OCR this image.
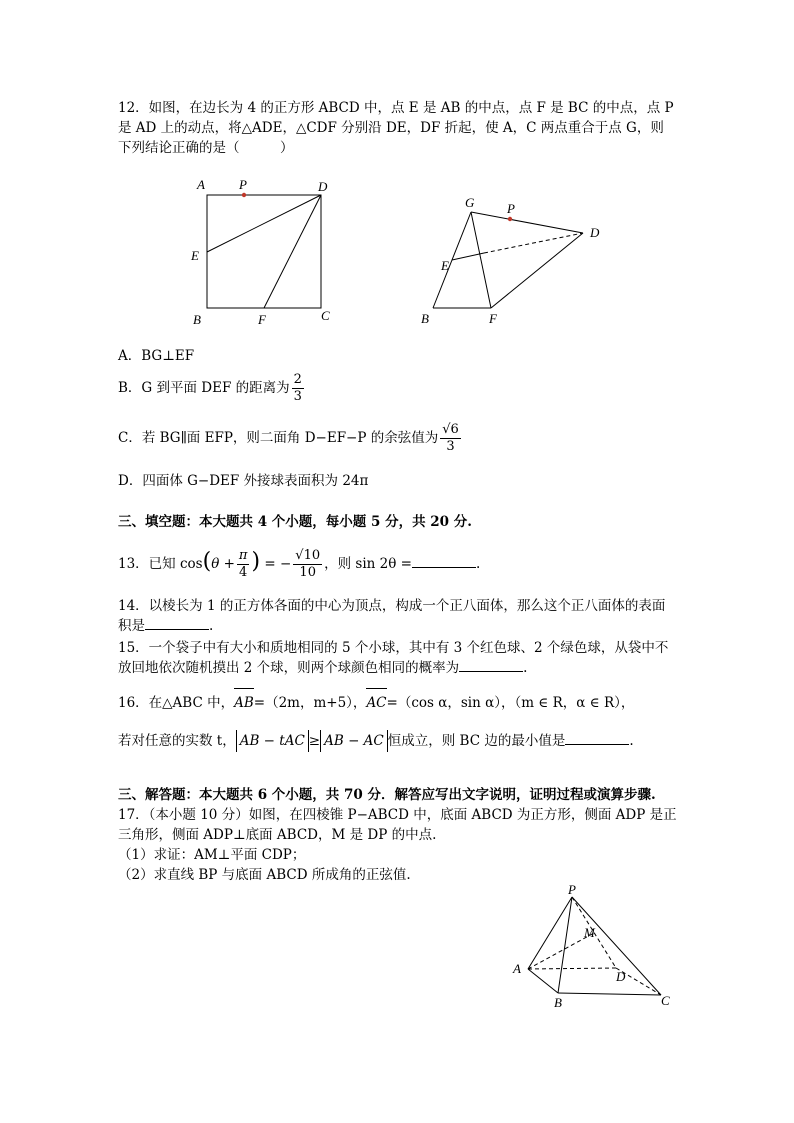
12．如图，在边长为 4 的正方形 ABCD 中，点 E 是 AB 的中点，点 F 是 BC 的中点，点 P
是 AD 上的动点，将△ADE，△CDF 分别沿 DE，DF 折起，使 A，C 两点重合于点 G，则
下列结论正确的是（　　　）
A	P	D
E
B	F	C
G	P
D
E
B	F
A．BG⊥EF
B．G 到平面 DEF 的距离为 $\frac{2}{3}$
C．若 BG∥面 EFP，则二面角 D−EF−P 的余弦值为 $\frac{√6}{3}$
D．四面体 G−DEF 外接球表面积为 24π
三、填空题：本大题共 4 个小题，每小题 5 分，共 20 分.
13．已知 $\cos(\theta + \frac{\pi}{4}$ ) = − $\frac{√10}{10}$ ，则 sin 2θ =	.
14．以棱长为 1 的正方体各面的中心为顶点，构成一个正八面体，那么这个正八面体的表面
积是	.
15．一个袋子中有大小和质地相同的 5 个小球，其中有 3 个红色球、2 个绿色球，从袋中不
放回地依次随机摸出 2 个球，则两个球颜色相同的概率为	.
16．在△ABC 中，AB=（2m，m+5），AC=（cos α，sin α），（m ∈ R，α ∈ R），
若对任意的实数 t， AB − tAC ≥ AB − AC 恒成立，则 BC 边的最小值是	.
三、解答题：本大题共 6 个小题，共 70 分．解答应写出文字说明，证明过程或演算步骤.
17．（本小题 10 分）如图，在四棱锥 P−ABCD 中，底面 ABCD 为正方形，侧面 ADP 是正
三角形，侧面 ADP⊥底面 ABCD，M 是 DP 的中点.
（1）求证：AM⊥平面 CDP；
（2）求直线 BP 与底面 ABCD 所成角的正弦值.
P
M
A
D
B	C
